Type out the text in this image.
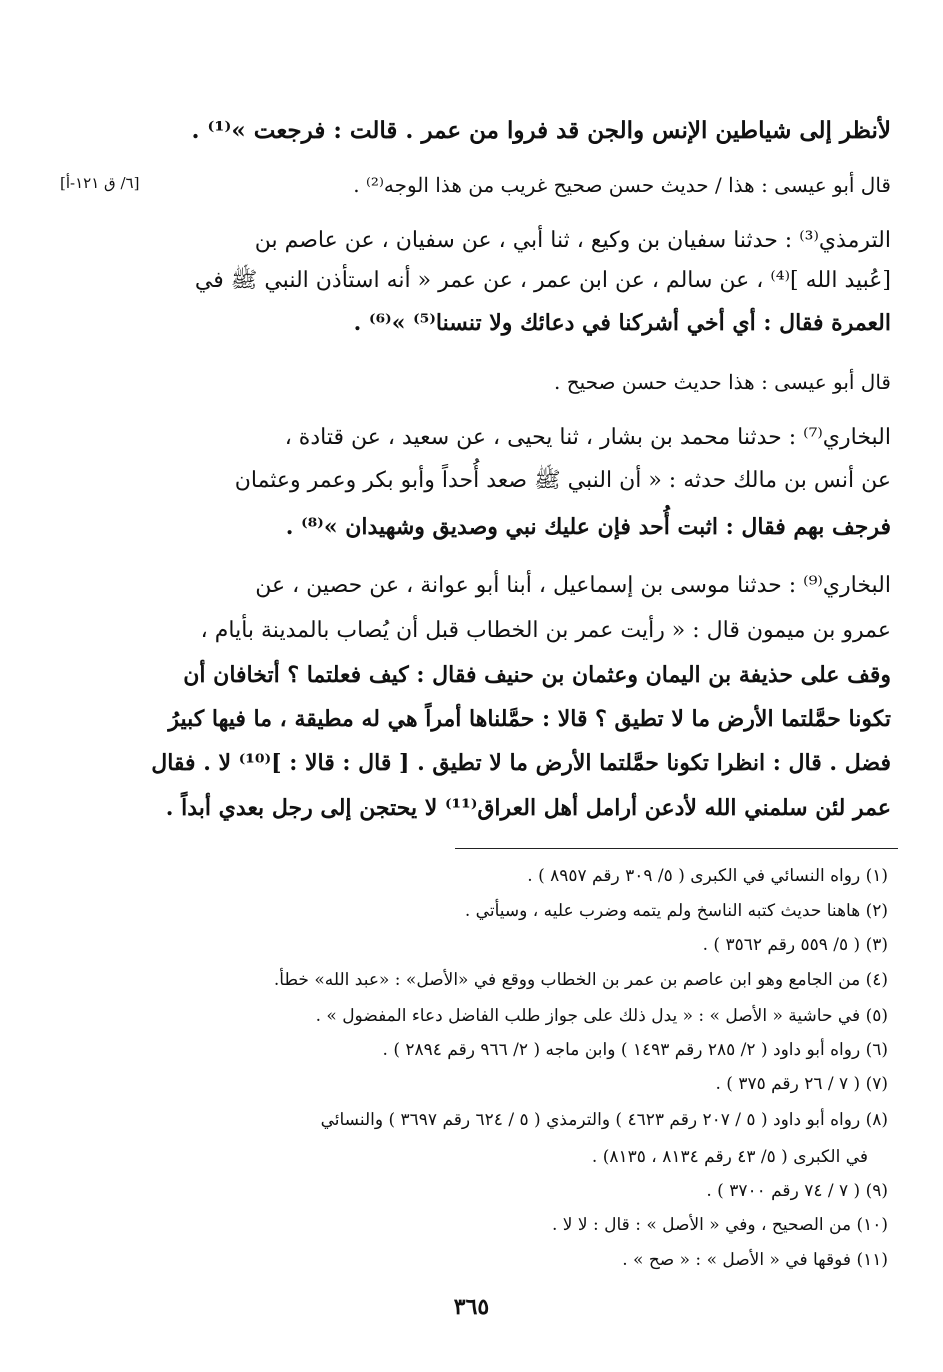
[٦/ ق ١٢١-أ]
لأنظر إلى شياطين الإنس والجن قد فروا من عمر . قالت : فرجعت »⁽¹⁾ .
قال أبو عيسى : هذا / حديث حسن صحيح غريب من هذا الوجه⁽²⁾ .
الترمذي⁽³⁾ : حدثنا سفيان بن وكيع ، ثنا أبي ، عن سفيان ، عن عاصم بن
[عُبيد الله ]⁽⁴⁾ ، عن سالم ، عن ابن عمر ، عن عمر « أنه استأذن النبي ﷺ في
العمرة فقال : أي أخي أشركنا في دعائك ولا تنسنا⁽⁵⁾ »⁽⁶⁾ .
قال أبو عيسى : هذا حديث حسن صحيح .
البخاري⁽⁷⁾ : حدثنا محمد بن بشار ، ثنا يحيى ، عن سعيد ، عن قتادة ،
عن أنس بن مالك حدثه : « أن النبي ﷺ صعد أُحداً وأبو بكر وعمر وعثمان
فرجف بهم فقال : اثبت أُحد فإن عليك نبي وصديق وشهيدان »⁽⁸⁾ .
البخاري⁽⁹⁾ : حدثنا موسى بن إسماعيل ، أبنا أبو عوانة ، عن حصين ، عن
عمرو بن ميمون قال : « رأيت عمر بن الخطاب قبل أن يُصاب بالمدينة بأيام ،
وقف على حذيفة بن اليمان وعثمان بن حنيف فقال : كيف فعلتما ؟ أتخافان أن
تكونا حمَّلتما الأرض ما لا تطيق ؟ قالا : حمَّلناها أمراً هي له مطيقة ، ما فيها كبيرُ
فضل . قال : انظرا تكونا حمَّلتما الأرض ما لا تطيق . [ قال : قالا : ]⁽¹⁰⁾ لا . فقال
عمر لئن سلمني الله لأدعن أرامل أهل العراق⁽¹¹⁾ لا يحتجن إلى رجل بعدي أبداً .
(١) رواه النسائي في الكبرى ( ٥/ ٣٠٩ رقم ٨٩٥٧ ) .
(٢) هاهنا حديث كتبه الناسخ ولم يتمه وضرب عليه ، وسيأتي .
(٣) ( ٥/ ٥٥٩ رقم ٣٥٦٢ ) .
(٤) من الجامع وهو ابن عاصم بن عمر بن الخطاب ووقع في «الأصل» : «عبد الله» خطأ.
(٥) في حاشية « الأصل » : « يدل ذلك على جواز طلب الفاضل دعاء المفضول » .
(٦) رواه أبو داود ( ٢/ ٢٨٥ رقم ١٤٩٣ ) وابن ماجه ( ٢/ ٩٦٦ رقم ٢٨٩٤ ) .
(٧) ( ٧ / ٢٦ رقم ٣٧٥ ) .
(٨) رواه أبو داود ( ٥ / ٢٠٧ رقم ٤٦٢٣ ) والترمذي ( ٥ / ٦٢٤ رقم ٣٦٩٧ ) والنسائي
في الكبرى ( ٥/ ٤٣ رقم ٨١٣٤ ، ٨١٣٥) .
(٩) ( ٧ / ٧٤ رقم ٣٧٠٠ ) .
(١٠) من الصحيح ، وفي « الأصل » : قال : لا لا .
(١١) فوقها في « الأصل » : « صح » .
٣٦٥
